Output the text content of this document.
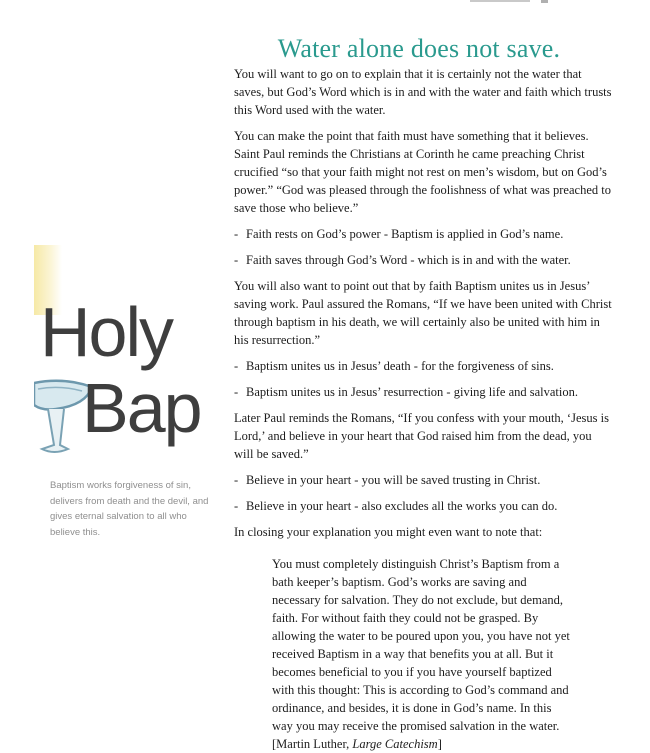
Water alone does not save.

You will want to go on to explain that it is certainly not the water that saves, but God’s Word which is in and with the water and faith which trusts this Word used with the water.

You can make the point that faith must have something that it believes. Saint Paul reminds the Christians at Corinth he came preaching Christ crucified “so that your faith might not rest on men’s wisdom, but on God’s power.” “God was pleased through the foolishness of what was preached to save those who believe.”

- Faith rests on God’s power - Baptism is applied in God’s name.
- Faith saves through God’s Word - which is in and with the water.

You will also want to point out that by faith Baptism unites us in Jesus’ saving work. Paul assured the Romans, “If we have been united with Christ through baptism in his death, we will certainly also be united with him in his resurrection.”

- Baptism unites us in Jesus’ death - for the forgiveness of sins.
- Baptism unites us in Jesus’ resurrection - giving life and salvation.

Later Paul reminds the Romans, “If you confess with your mouth, ‘Jesus is Lord,’ and believe in your heart that God raised him from the dead, you will be saved.”

- Believe in your heart - you will be saved trusting in Christ.
- Believe in your heart - also excludes all the works you can do.

In closing your explanation you might even want to note that:

You must completely distinguish Christ’s Baptism from a bath keeper’s baptism. God’s works are saving and necessary for salvation. They do not exclude, but demand, faith. For without faith they could not be grasped. By allowing the water to be poured upon you, you have not yet received Baptism in a way that benefits you at all. But it becomes beneficial to you if you have yourself baptized with this thought: This is according to God’s command and ordinance, and besides, it is done in God’s name. In this way you may receive the promised salvation in the water. [Martin Luther, Large Catechism]
Holy
Bap
Baptism works forgiveness of sin, delivers from death and the devil, and gives eternal salvation to all who believe this.
